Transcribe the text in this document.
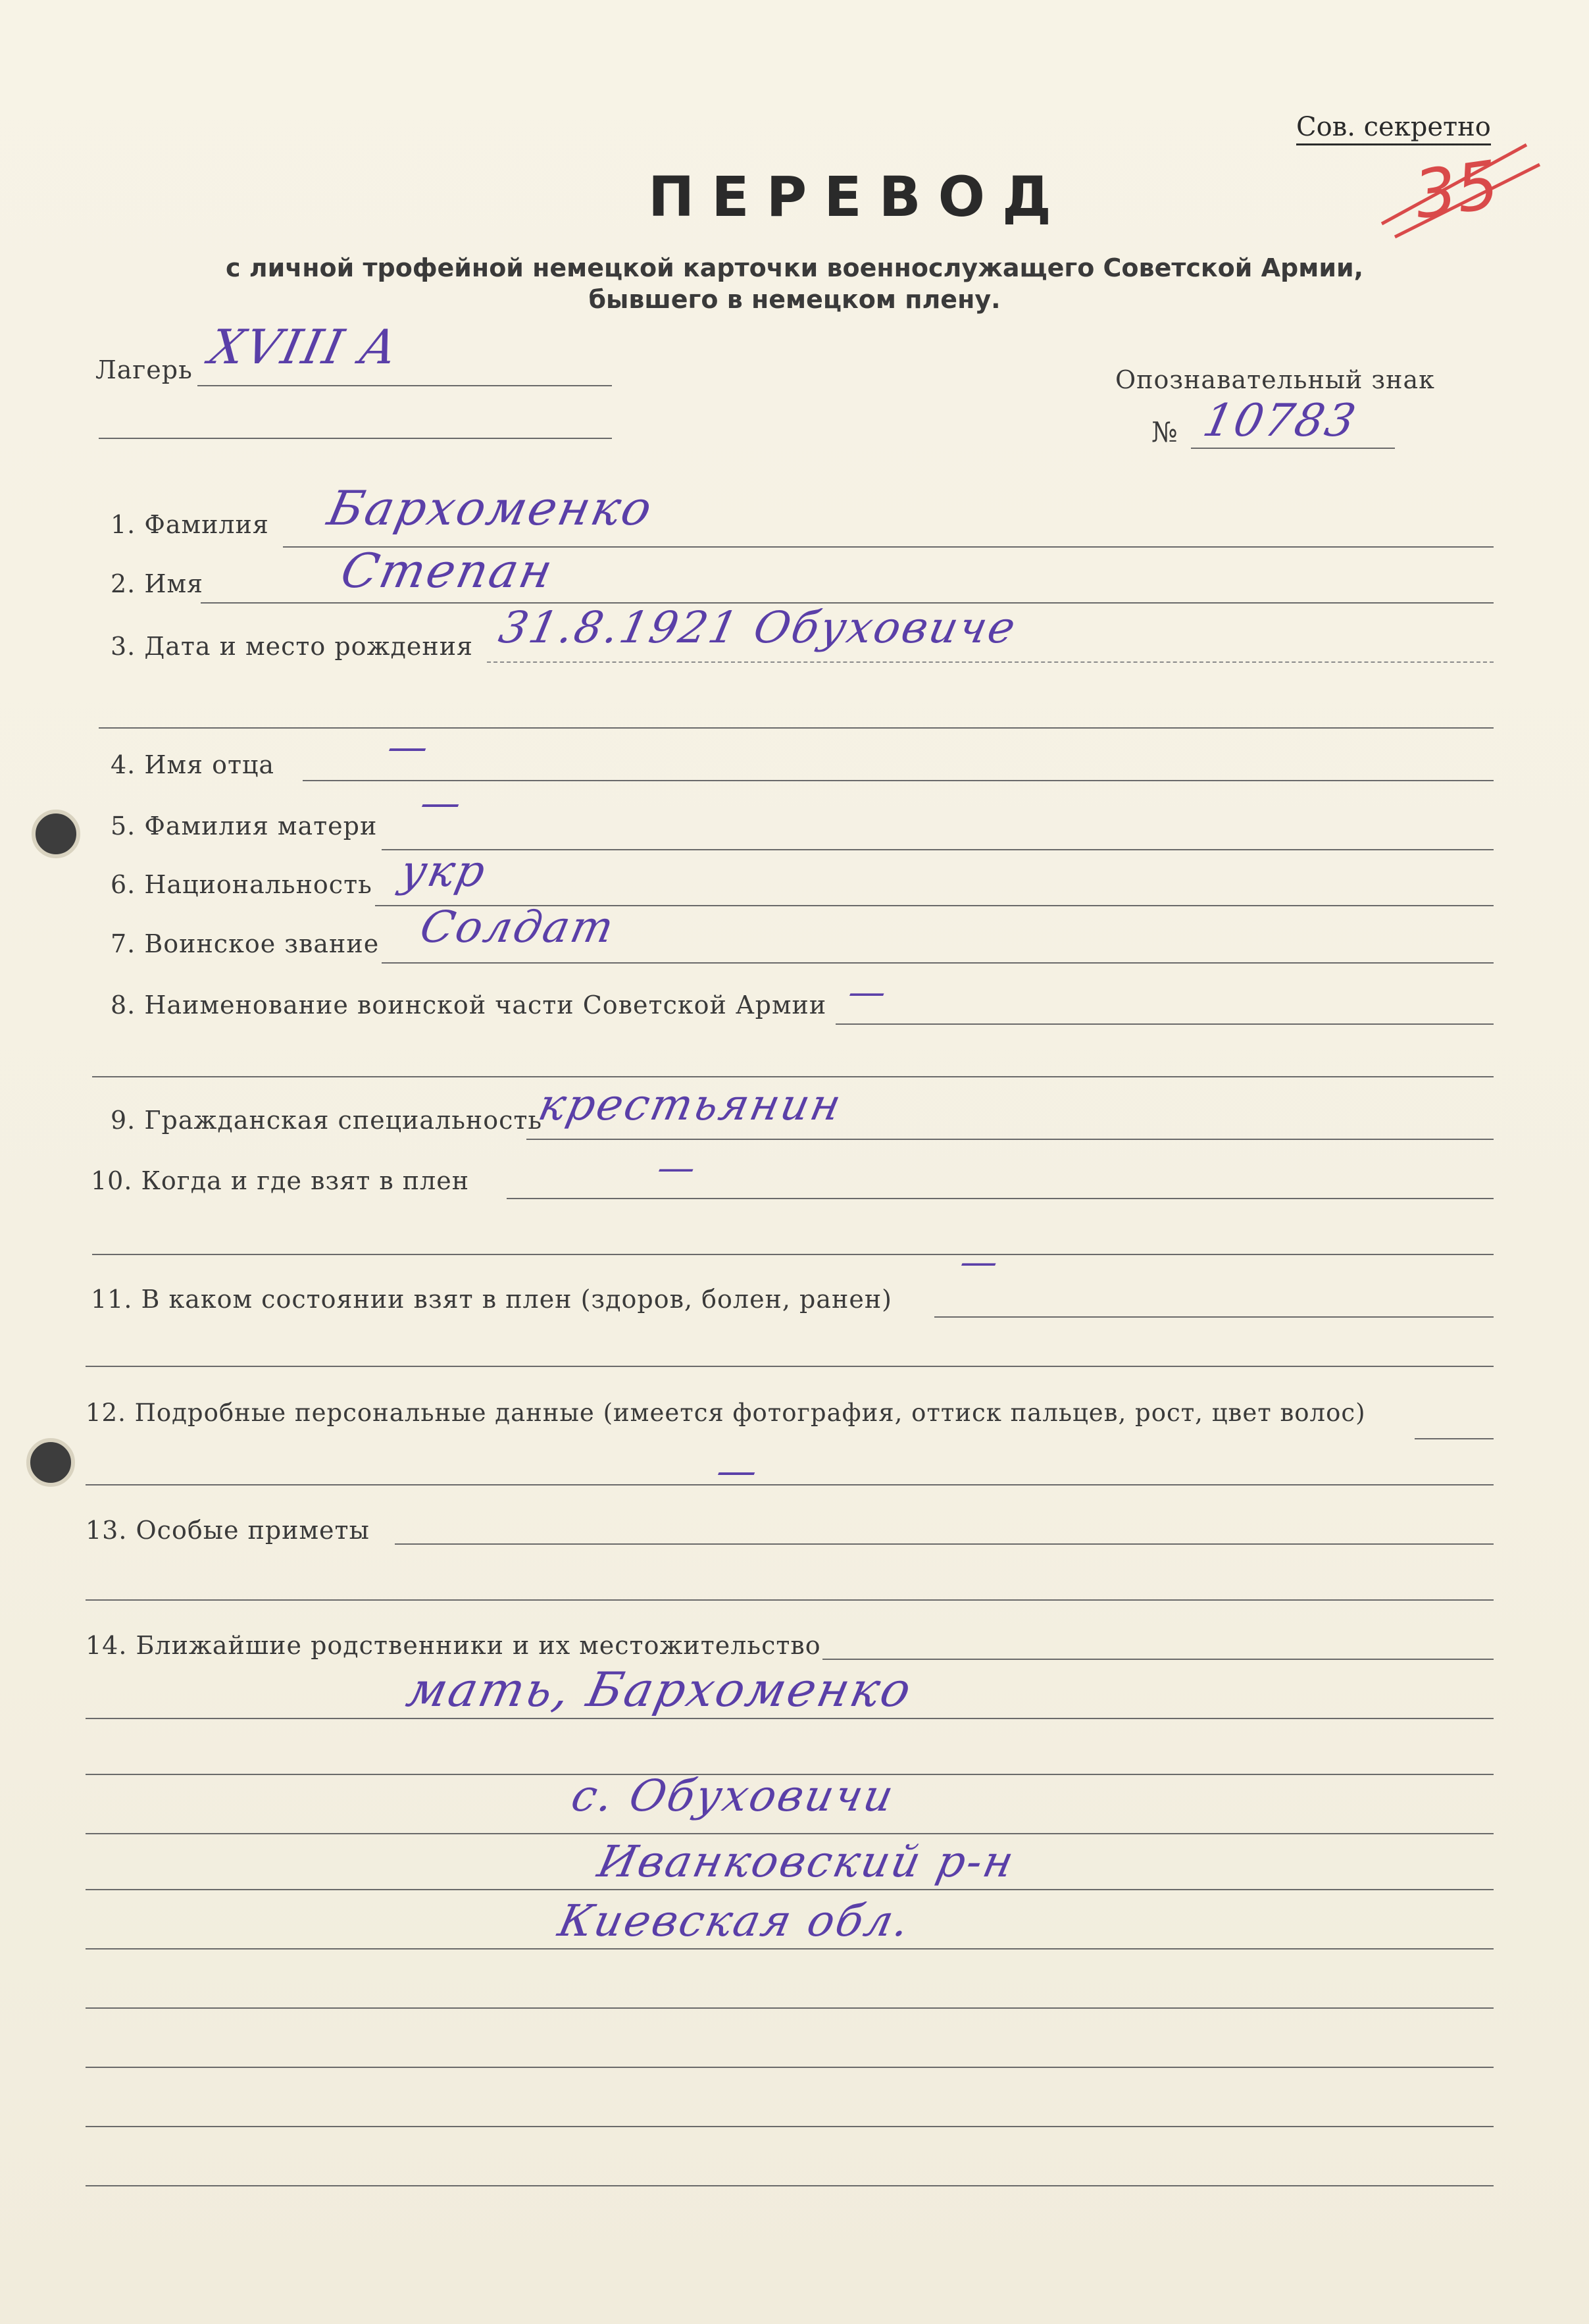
Сов. секретно
35
ПЕРЕВОД
с личной трофейной немецкой карточки военнослужащего Советской Армии,
бывшего в немецком плену.
Лагерь XVIII A
Опознавательный знак
№ 10783
1. Фамилия Бархоменко
2. Имя	Степан
3. Дата и место рождения 31.8.1921 Обуховиче
4. Имя отца	—
5. Фамилия матери —
6. Национальность укр
7. Воинское звание Солдат
8. Наименование воинской части Советской Армии —
9. Гражданская специальность
крестьянин
10. Когда и где взят в плен	—
11. В каком состоянии взят в плен (здоров, болен, ранен)
—
12. Подробные персональные данные (имеется фотография, оттиск пальцев, рост, цвет волос)
—
13. Особые приметы
14. Ближайшие родственники и их местожительство
мать, Бархоменко
с. Обуховичи
Иванковский р-н
Киевская обл.
